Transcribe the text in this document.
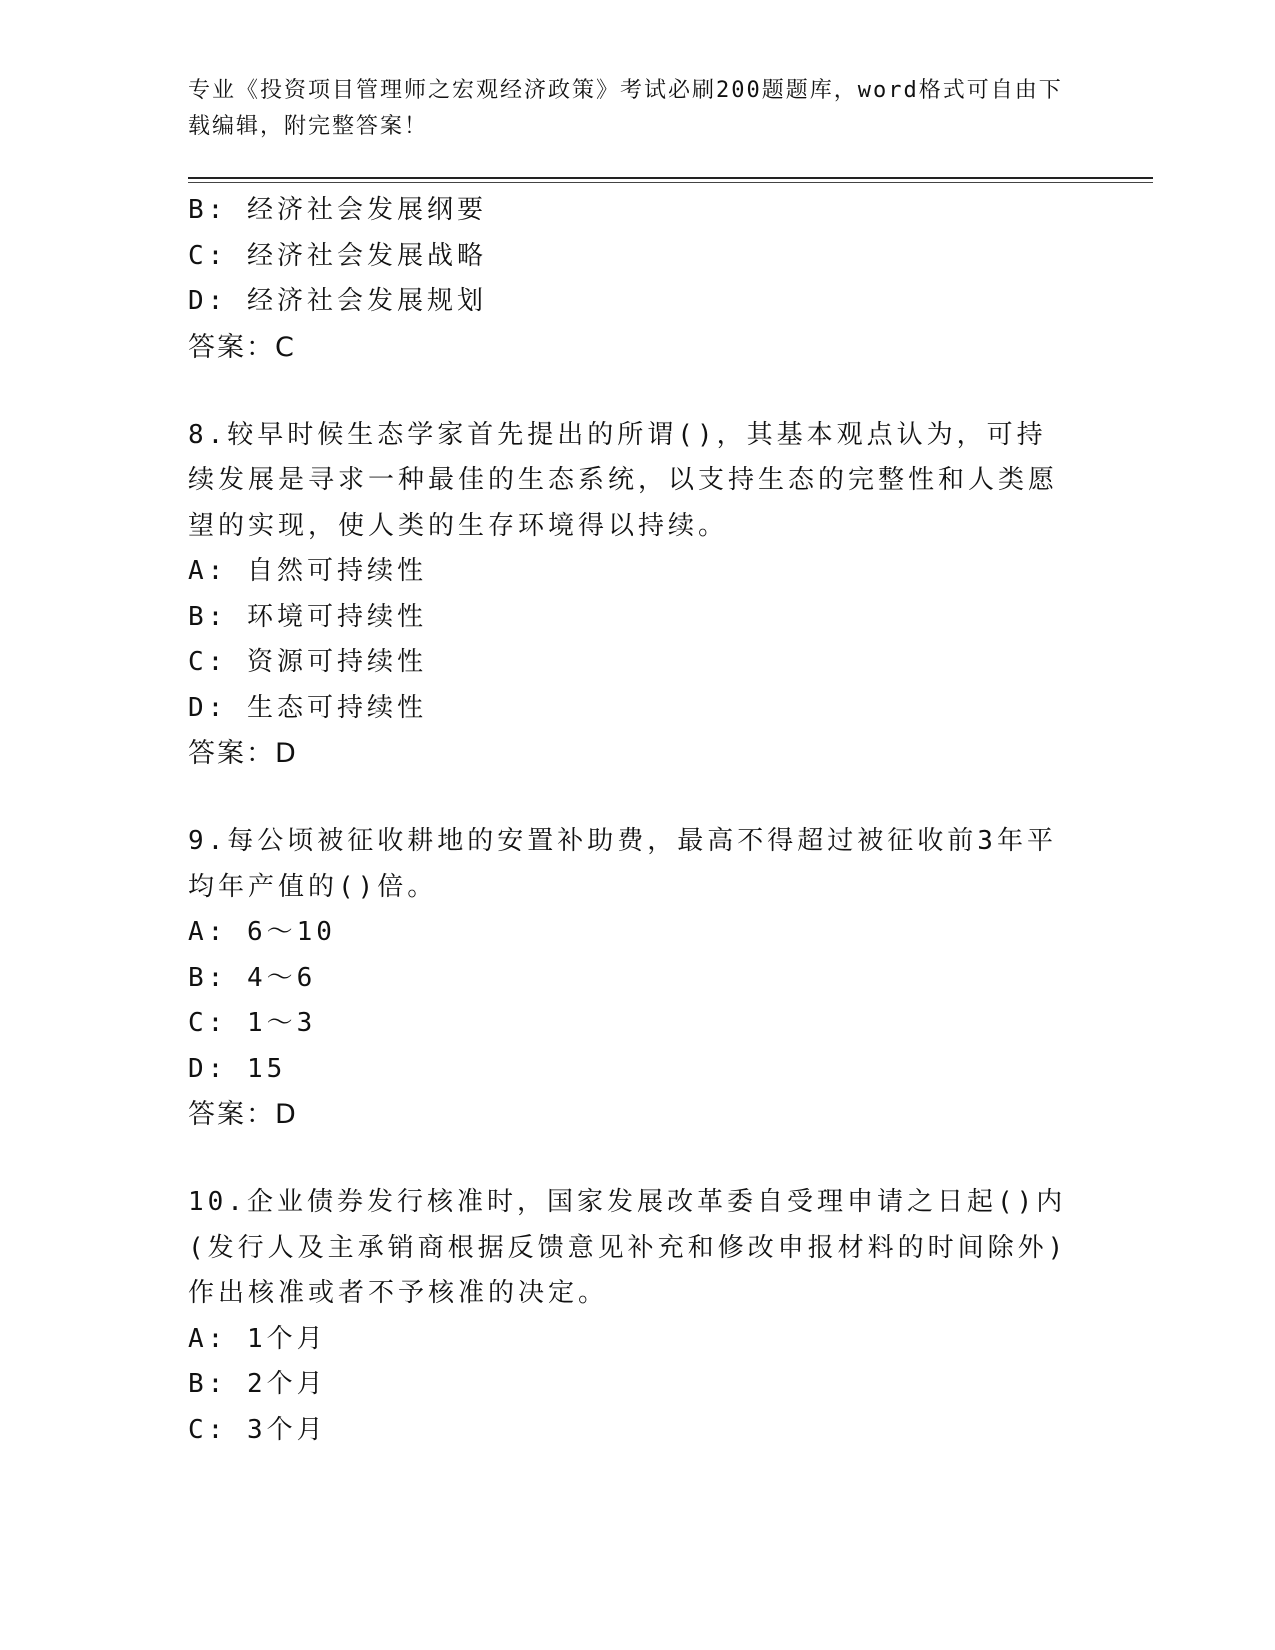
专业《投资项目管理师之宏观经济政策》考试必刷200题题库，word格式可自由下载编辑，附完整答案！
B: 经济社会发展纲要
C: 经济社会发展战略
D: 经济社会发展规划
答案：C
8.较早时候生态学家首先提出的所谓()，其基本观点认为，可持续发展是寻求一种最佳的生态系统，以支持生态的完整性和人类愿望的实现，使人类的生存环境得以持续。
A: 自然可持续性
B: 环境可持续性
C: 资源可持续性
D: 生态可持续性
答案：D
9.每公顷被征收耕地的安置补助费，最高不得超过被征收前3年平均年产值的()倍。
A: 6～10
B: 4～6
C: 1～3
D: 15
答案：D
10.企业债券发行核准时，国家发展改革委自受理申请之日起()内(发行人及主承销商根据反馈意见补充和修改申报材料的时间除外)作出核准或者不予核准的决定。
A: 1个月
B: 2个月
C: 3个月
